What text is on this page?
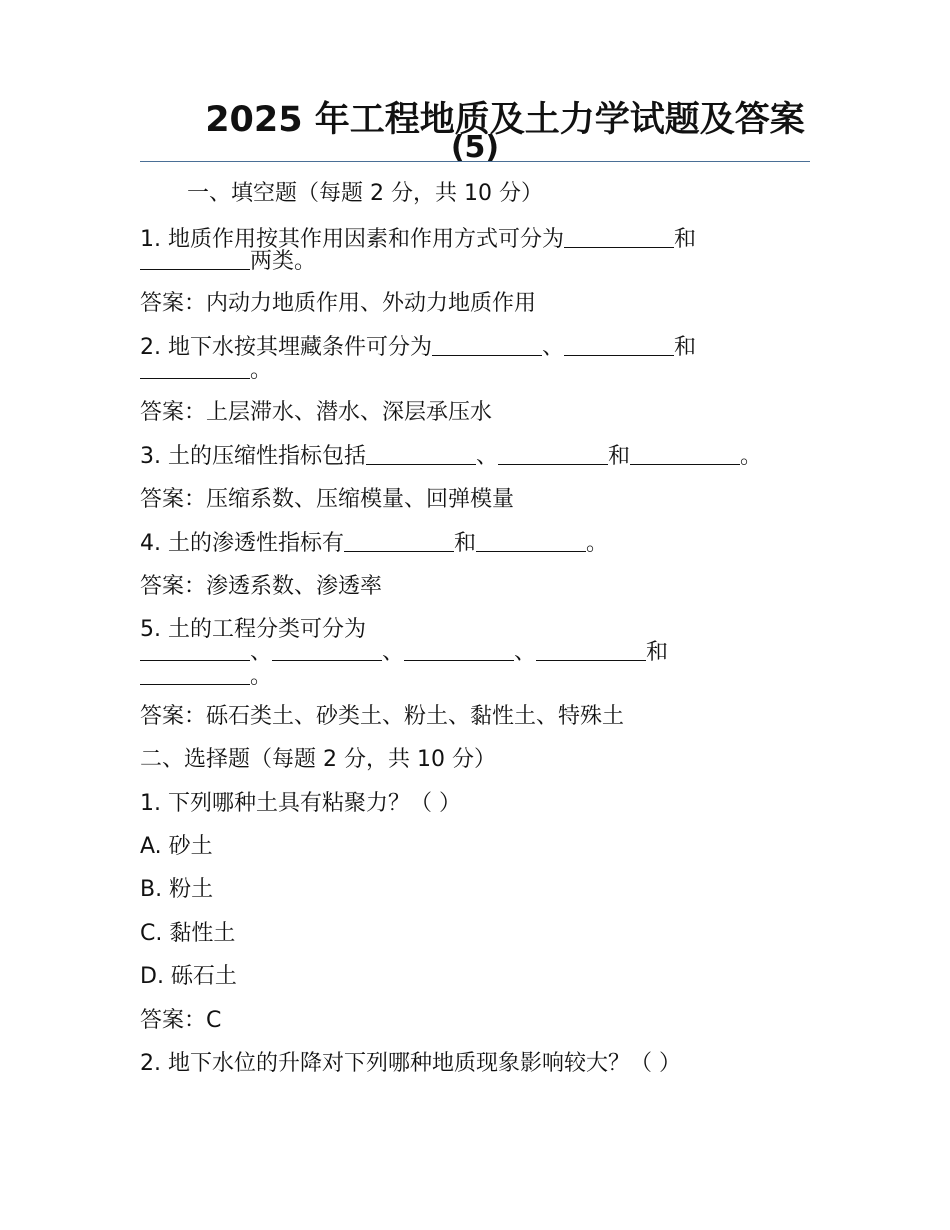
2025 年工程地质及土力学试题及答案
(5)
一、填空题（每题 2 分，共 10 分）
1. 地质作用按其作用因素和作用方式可分为	和
两类。
答案：内动力地质作用、外动力地质作用
2. 地下水按其埋藏条件可分为	、	和
。
答案：上层滞水、潜水、深层承压水
3. 土的压缩性指标包括	、	和	。
答案：压缩系数、压缩模量、回弹模量
4. 土的渗透性指标有	和	。
答案：渗透系数、渗透率
5. 土的工程分类可分为
、	、	、	和
。
答案：砾石类土、砂类土、粉土、黏性土、特殊土
二、选择题（每题 2 分，共 10 分）
1. 下列哪种土具有粘聚力？（ ）
A. 砂土
B. 粉土
C. 黏性土
D. 砾石土
答案：C
2. 地下水位的升降对下列哪种地质现象影响较大？（ ）
